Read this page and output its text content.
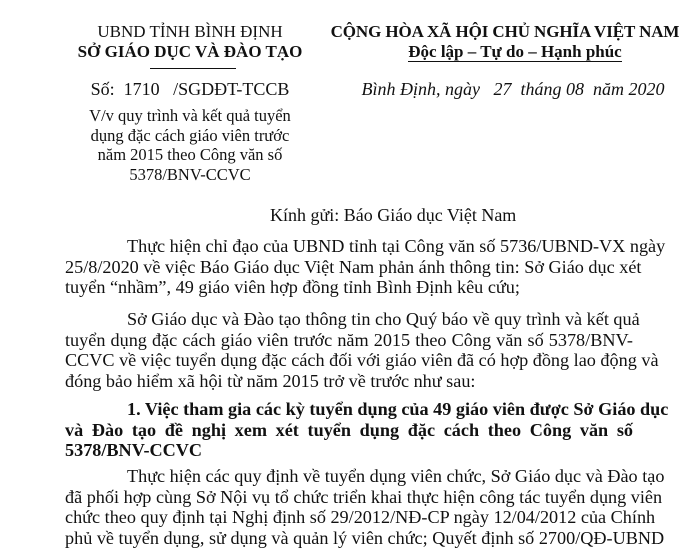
UBND TỈNH BÌNH ĐỊNH
SỞ GIÁO DỤC VÀ ĐÀO TẠO
Số: 1710 /SGDĐT-TCCB
V/v quy trình và kết quả tuyển
dụng đặc cách giáo viên trước
năm 2015 theo Công văn số
5378/BNV-CCVC
CỘNG HÒA XÃ HỘI CHỦ NGHĨA VIỆT NAM
Độc lập – Tự do – Hạnh phúc
Bình Định, ngày   27  tháng 08  năm 2020
Kính gửi: Báo Giáo dục Việt Nam
Thực hiện chỉ đạo của UBND tỉnh tại Công văn số 5736/UBND-VX ngày
25/8/2020 về việc Báo Giáo dục Việt Nam phản ánh thông tin: Sở Giáo dục xét
tuyển “nhầm”, 49 giáo viên hợp đồng tỉnh Bình Định kêu cứu;
Sở Giáo dục và Đào tạo thông tin cho Quý báo về quy trình và kết quả
tuyển dụng đặc cách giáo viên trước năm 2015 theo Công văn số 5378/BNV-
CCVC về việc tuyển dụng đặc cách đối với giáo viên đã có hợp đồng lao động và
đóng bảo hiểm xã hội từ năm 2015 trở về trước như sau:
1. Việc tham gia các kỳ tuyển dụng của 49 giáo viên được Sở Giáo dục
và Đào tạo đề nghị xem xét tuyển dụng đặc cách theo Công văn số
5378/BNV-CCVC
Thực hiện các quy định về tuyển dụng viên chức, Sở Giáo dục và Đào tạo
đã phối hợp cùng Sở Nội vụ tổ chức triển khai thực hiện công tác tuyển dụng viên
chức theo quy định tại Nghị định số 29/2012/NĐ-CP ngày 12/04/2012 của Chính
phủ về tuyển dụng, sử dụng và quản lý viên chức; Quyết định số 2700/QĐ-UBND
